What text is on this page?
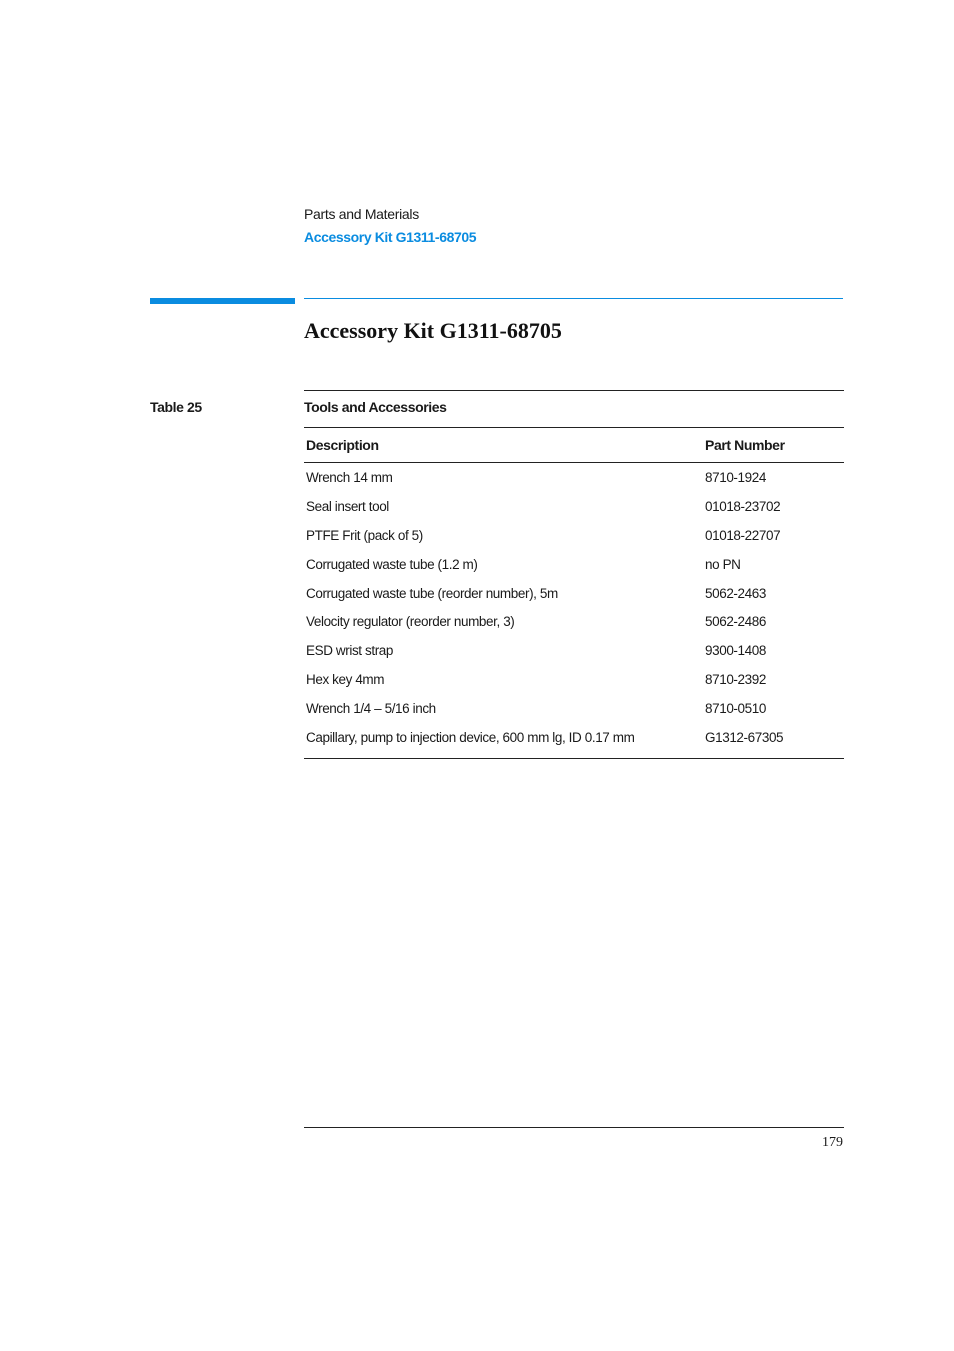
Parts and Materials
Accessory Kit G1311-68705
Accessory Kit G1311-68705
Table 25	Tools and Accessories
Description	Part Number
Wrench 14 mm	8710-1924
Seal insert tool	01018-23702
PTFE Frit (pack of 5)	01018-22707
Corrugated waste tube (1.2 m)	no PN
Corrugated waste tube (reorder number), 5m	5062-2463
Velocity regulator (reorder number, 3)	5062-2486
ESD wrist strap	9300-1408
Hex key 4mm	8710-2392
Wrench 1/4 – 5/16 inch	8710-0510
Capillary, pump to injection device, 600 mm lg, ID 0.17 mm	G1312-67305
179
